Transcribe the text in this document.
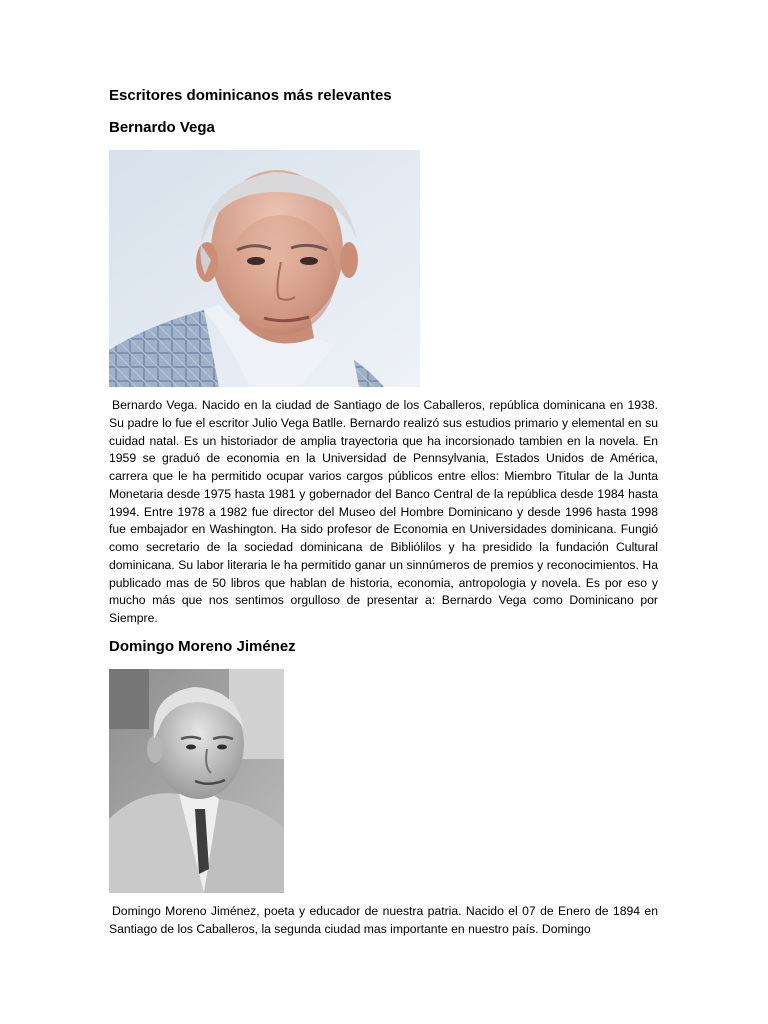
Escritores dominicanos más relevantes
Bernardo Vega

Bernardo Vega. Nacido en la ciudad de Santiago de los Caballeros, república dominicana en 1938. Su padre lo fue el escritor Julio Vega Batlle. Bernardo realizó sus estudios primario y elemental en su cuidad natal. Es un historiador de amplia trayectoria que ha incorsionado tambien en la novela. En 1959 se graduó de economia en la Universidad de Pennsylvania, Estados Unidos de América, carrera que le ha permitido ocupar varios cargos públicos entre ellos: Miembro Titular de la Junta Monetaria desde 1975 hasta 1981 y gobernador del Banco Central de la república desde 1984 hasta 1994. Entre 1978 a 1982 fue director del Museo del Hombre Dominicano y desde 1996 hasta 1998 fue embajador en Washington. Ha sido profesor de Economia en Universidades dominicana. Fungió como secretario de la sociedad dominicana de Bibliólilos y ha presidido la fundación Cultural dominicana. Su labor literaria le ha permitido ganar un sinnúmeros de premios y reconocimientos. Ha publicado mas de 50 libros que hablan de historia, economia, antropologia y novela. Es por eso y mucho más que nos sentimos orgulloso de presentar a: Bernardo Vega como Dominicano por Siempre.

Domingo Moreno Jiménez

Domingo Moreno Jiménez, poeta y educador de nuestra patria. Nacido el 07 de Enero de 1894 en Santiago de los Caballeros, la segunda ciudad mas importante en nuestro país. Domingo
